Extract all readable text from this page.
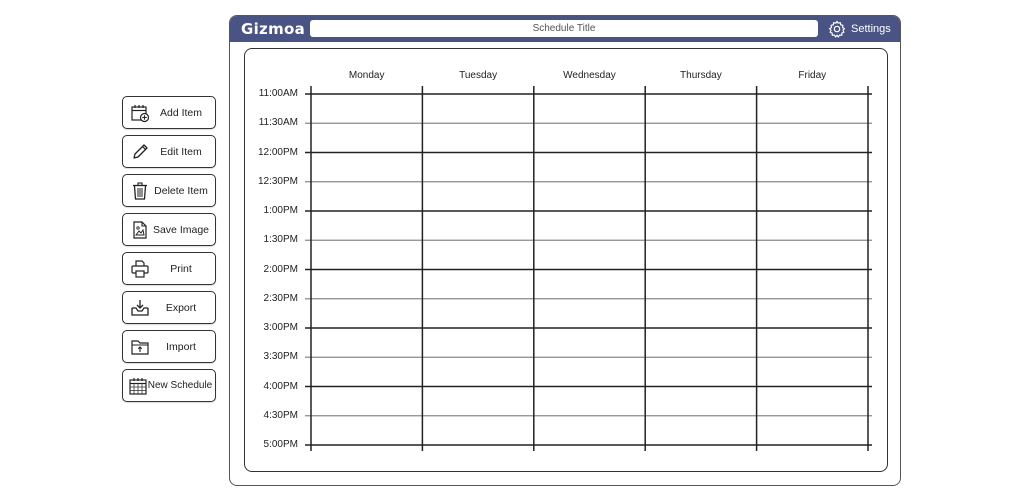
Add Item
Edit Item
Delete Item
Save Image
Print
Export
Import
New Schedule
Gizmoa
Schedule Title	Settings
Monday	Tuesday	Wednesday	Thursday	Friday
11:00AM
11:30AM
12:00PM
12:30PM
1:00PM
1:30PM
2:00PM
2:30PM
3:00PM
3:30PM
4:00PM
4:30PM
5:00PM
